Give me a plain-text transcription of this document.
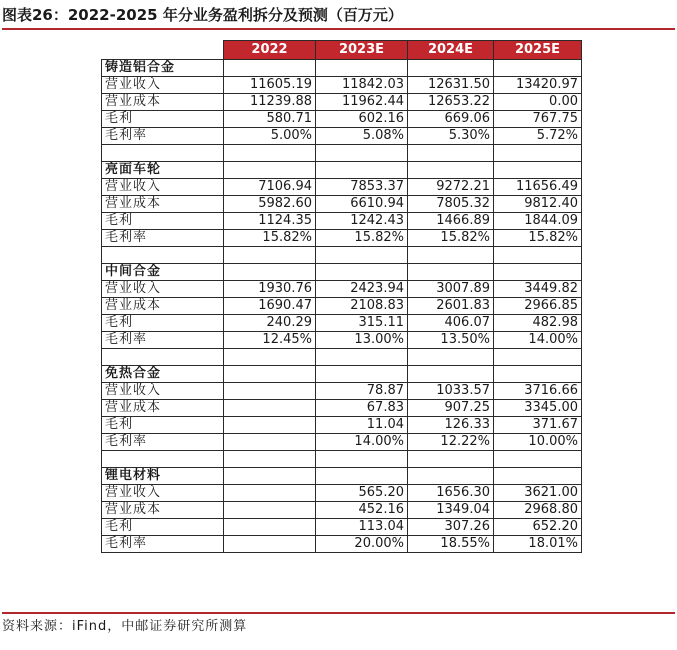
图表26：2022-2025 年分业务盈利拆分及预测（百万元）
	2022	2023E	2024E	2025E
铸造铝合金				
营业收入	11605.19	11842.03	12631.50	13420.97
营业成本	11239.88	11962.44	12653.22	0.00
毛利	580.71	602.16	669.06	767.75
毛利率	5.00%	5.08%	5.30%	5.72%

亮面车轮				
营业收入	7106.94	7853.37	9272.21	11656.49
营业成本	5982.60	6610.94	7805.32	9812.40
毛利	1124.35	1242.43	1466.89	1844.09
毛利率	15.82%	15.82%	15.82%	15.82%

中间合金				
营业收入	1930.76	2423.94	3007.89	3449.82
营业成本	1690.47	2108.83	2601.83	2966.85
毛利	240.29	315.11	406.07	482.98
毛利率	12.45%	13.00%	13.50%	14.00%

免热合金				
营业收入		78.87	1033.57	3716.66
营业成本		67.83	907.25	3345.00
毛利		11.04	126.33	371.67
毛利率		14.00%	12.22%	10.00%

锂电材料				
营业收入		565.20	1656.30	3621.00
营业成本		452.16	1349.04	2968.80
毛利		113.04	307.26	652.20
毛利率		20.00%	18.55%	18.01%
资料来源：iFind，中邮证券研究所测算
